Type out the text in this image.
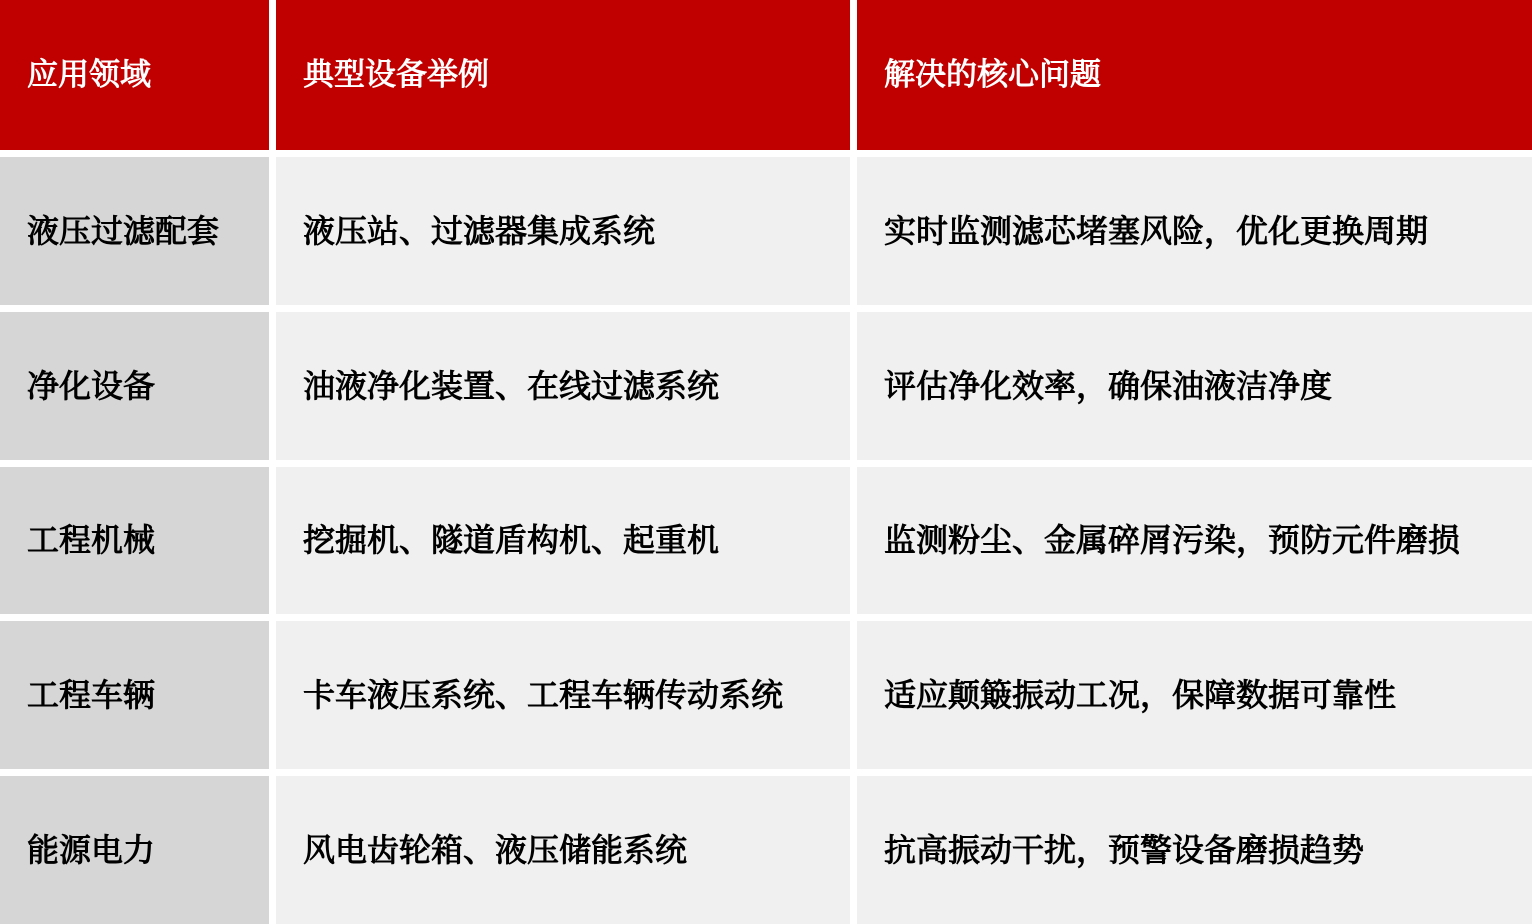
应用领域	典型设备举例	解决的核心问题
液压过滤配套	液压站、过滤器集成系统	实时监测滤芯堵塞风险，优化更换周期
净化设备	油液净化装置、在线过滤系统	评估净化效率，确保油液洁净度
工程机械	挖掘机、隧道盾构机、起重机	监测粉尘、金属碎屑污染，预防元件磨损
工程车辆	卡车液压系统、工程车辆传动系统	适应颠簸振动工况，保障数据可靠性
能源电力	风电齿轮箱、液压储能系统	抗高振动干扰，预警设备磨损趋势
